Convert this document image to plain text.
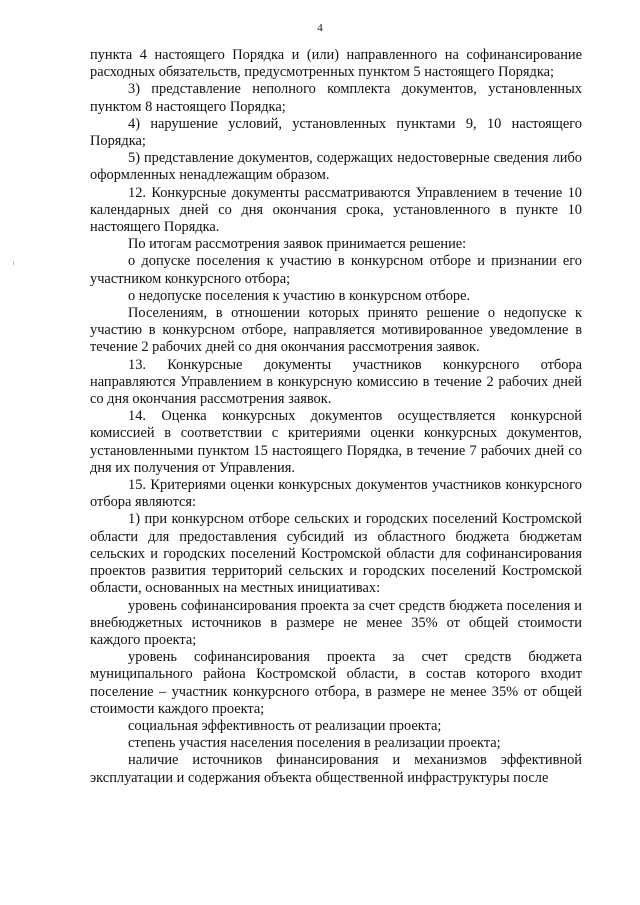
4

пункта 4 настоящего Порядка и (или) направленного на софинансирование расходных обязательств, предусмотренных пунктом 5 настоящего Порядка;

3) представление неполного комплекта документов, установленных пунктом 8 настоящего Порядка;

4) нарушение условий, установленных пунктами 9, 10 настоящего Порядка;

5) представление документов, содержащих недостоверные сведения либо оформленных ненадлежащим образом.

12. Конкурсные документы рассматриваются Управлением в течение 10 календарных дней со дня окончания срока, установленного в пункте 10 настоящего Порядка.

По итогам рассмотрения заявок принимается решение:

о допуске поселения к участию в конкурсном отборе и признании его участником конкурсного отбора;

о недопуске поселения к участию в конкурсном отборе.

Поселениям, в отношении которых принято решение о недопуске к участию в конкурсном отборе, направляется мотивированное уведомление в течение 2 рабочих дней со дня окончания рассмотрения заявок.

13. Конкурсные документы участников конкурсного отбора направляются Управлением в конкурсную комиссию в течение 2 рабочих дней со дня окончания рассмотрения заявок.

14. Оценка конкурсных документов осуществляется конкурсной комиссией в соответствии с критериями оценки конкурсных документов, установленными пунктом 15 настоящего Порядка, в течение 7 рабочих дней со дня их получения от Управления.

15. Критериями оценки конкурсных документов участников конкурсного отбора являются:

1) при конкурсном отборе сельских и городских поселений Костромской области для предоставления субсидий из областного бюджета бюджетам сельских и городских поселений Костромской области для софинансирования проектов развития территорий сельских и городских поселений Костромской области, основанных на местных инициативах:

уровень софинансирования проекта за счет средств бюджета поселения и внебюджетных источников в размере не менее 35% от общей стоимости каждого проекта;

уровень софинансирования проекта за счет средств бюджета муниципального района Костромской области, в состав которого входит поселение – участник конкурсного отбора, в размере не менее 35% от общей стоимости каждого проекта;

социальная эффективность от реализации проекта;

степень участия населения поселения в реализации проекта;

наличие источников финансирования и механизмов эффективной эксплуатации и содержания объекта общественной инфраструктуры после
